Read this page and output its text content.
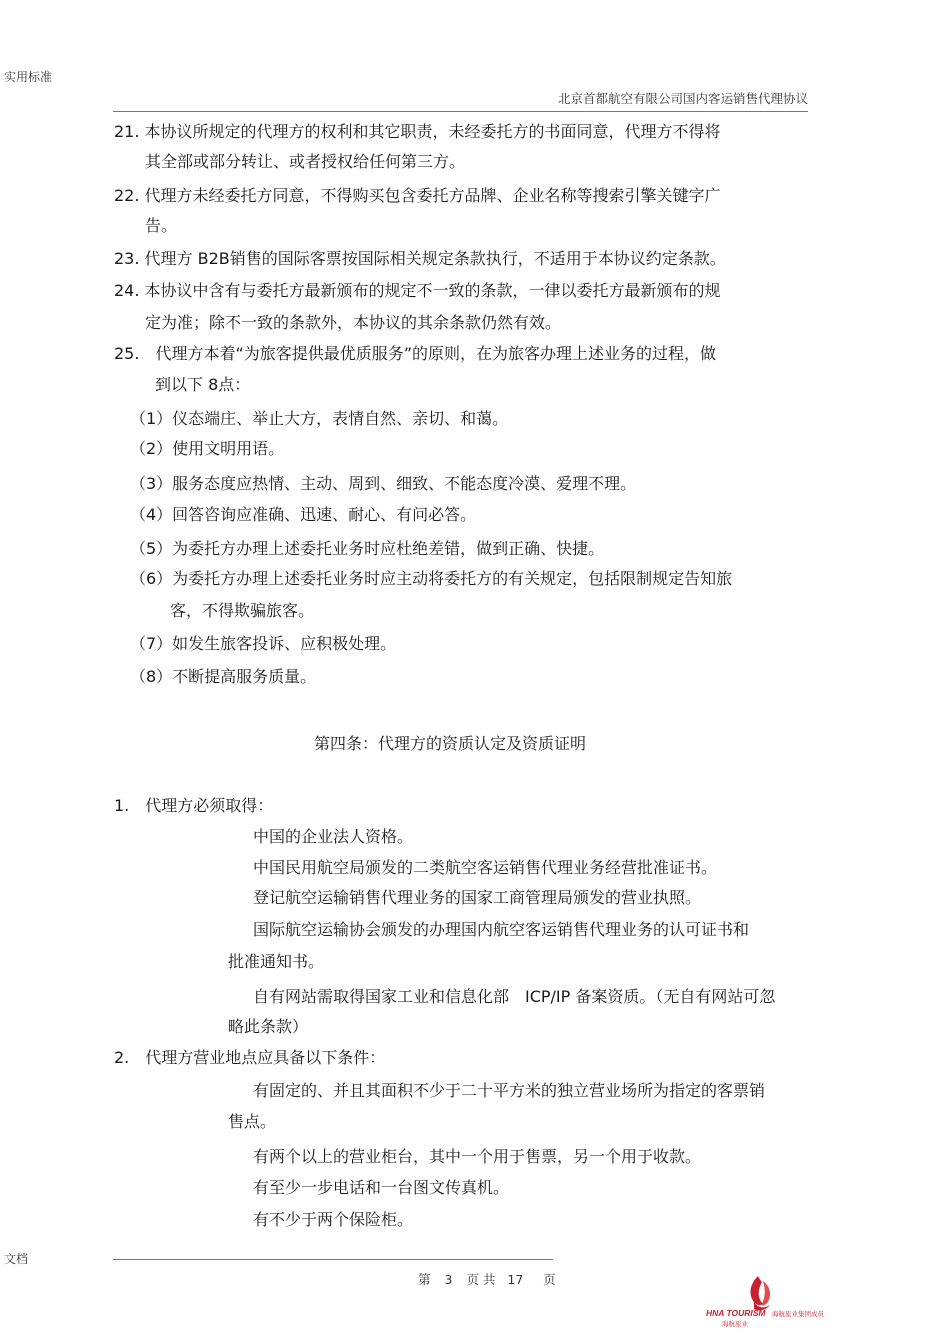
实用标准
文档
北京首都航空有限公司国内客运销售代理协议
21. 本协议所规定的代理方的权利和其它职责，未经委托方的书面同意，代理方不得将
其全部或部分转让、或者授权给任何第三方。
22. 代理方未经委托方同意，不得购买包含委托方品牌、企业名称等搜索引擎关键字广
告。
23. 代理方 B2B销售的国际客票按国际相关规定条款执行，不适用于本协议约定条款。
24. 本协议中含有与委托方最新颁布的规定不一致的条款，一律以委托方最新颁布的规
定为准；除不一致的条款外，本协议的其余条款仍然有效。
25.　代理方本着“为旅客提供最优质服务”的原则，在为旅客办理上述业务的过程，做
到以下 8点：
（1）仪态端庄、举止大方，表情自然、亲切、和蔼。
（2）使用文明用语。
（3）服务态度应热情、主动、周到、细致、不能态度冷漠、爱理不理。
（4）回答咨询应准确、迅速、耐心、有问必答。
（5）为委托方办理上述委托业务时应杜绝差错，做到正确、快捷。
（6）为委托方办理上述委托业务时应主动将委托方的有关规定，包括限制规定告知旅
客，不得欺骗旅客。
（7）如发生旅客投诉、应积极处理。
（8）不断提高服务质量。
第四条：代理方的资质认定及资质证明
1.　代理方必须取得：
中国的企业法人资格。
中国民用航空局颁发的二类航空客运销售代理业务经营批准证书。
登记航空运输销售代理业务的国家工商管理局颁发的营业执照。
国际航空运输协会颁发的办理国内航空客运销售代理业务的认可证书和
批准通知书。
自有网站需取得国家工业和信息化部　ICP/IP 备案资质。（无自有网站可忽
略此条款）
2.　代理方营业地点应具备以下条件：
有固定的、并且其面积不少于二十平方米的独立营业场所为指定的客票销
售点。
有两个以上的营业柜台，其中一个用于售票，另一个用于收款。
有至少一步电话和一台图文传真机。
有不少于两个保险柜。
第 3 页 共 17 页
HNA TOURISM 海航旅业集团成员
海航旅业
